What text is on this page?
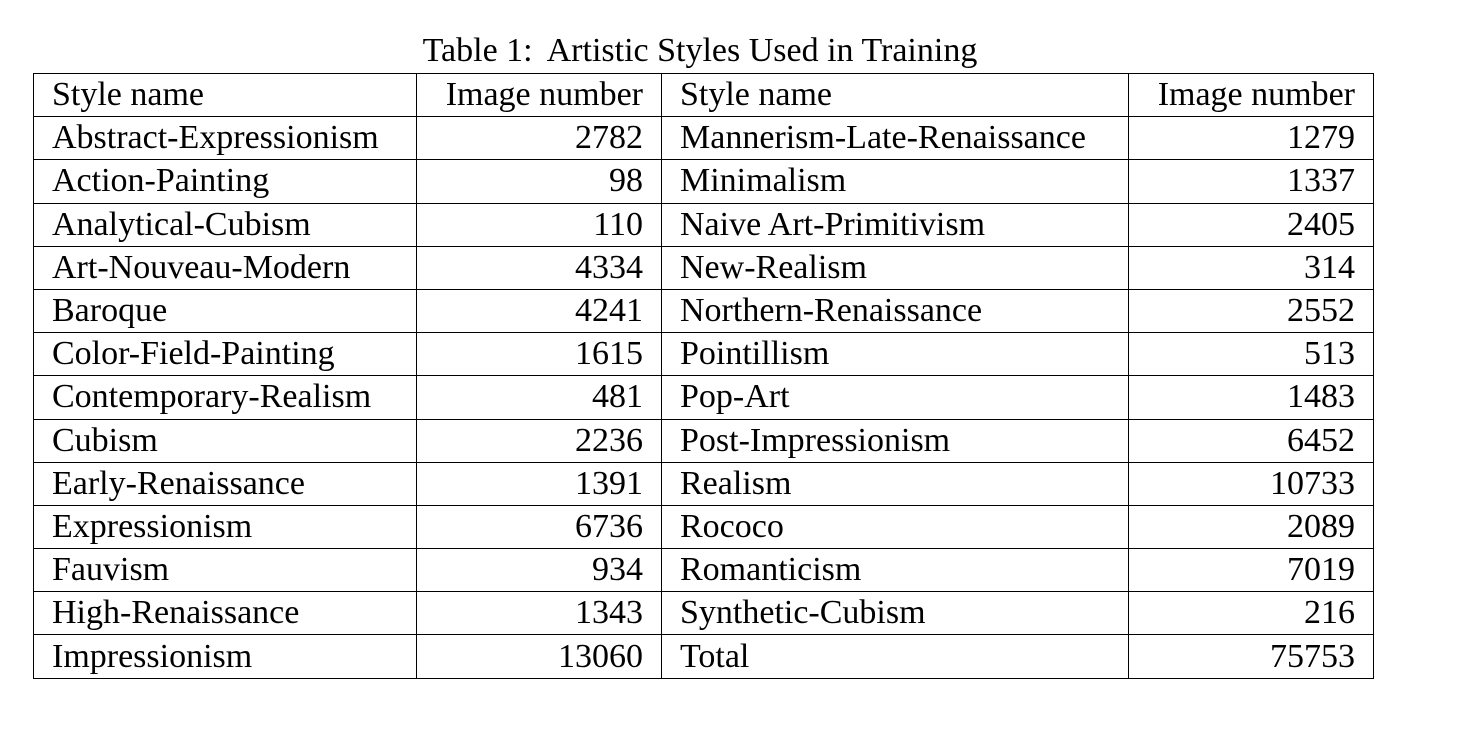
Table 1: Artistic Styles Used in Training
Style name	Image number	Style name	Image number
Abstract-Expressionism	2782	Mannerism-Late-Renaissance	1279
Action-Painting	98	Minimalism	1337
Analytical-Cubism	110	Naive Art-Primitivism	2405
Art-Nouveau-Modern	4334	New-Realism	314
Baroque	4241	Northern-Renaissance	2552
Color-Field-Painting	1615	Pointillism	513
Contemporary-Realism	481	Pop-Art	1483
Cubism	2236	Post-Impressionism	6452
Early-Renaissance	1391	Realism	10733
Expressionism	6736	Rococo	2089
Fauvism	934	Romanticism	7019
High-Renaissance	1343	Synthetic-Cubism	216
Impressionism	13060	Total	75753
